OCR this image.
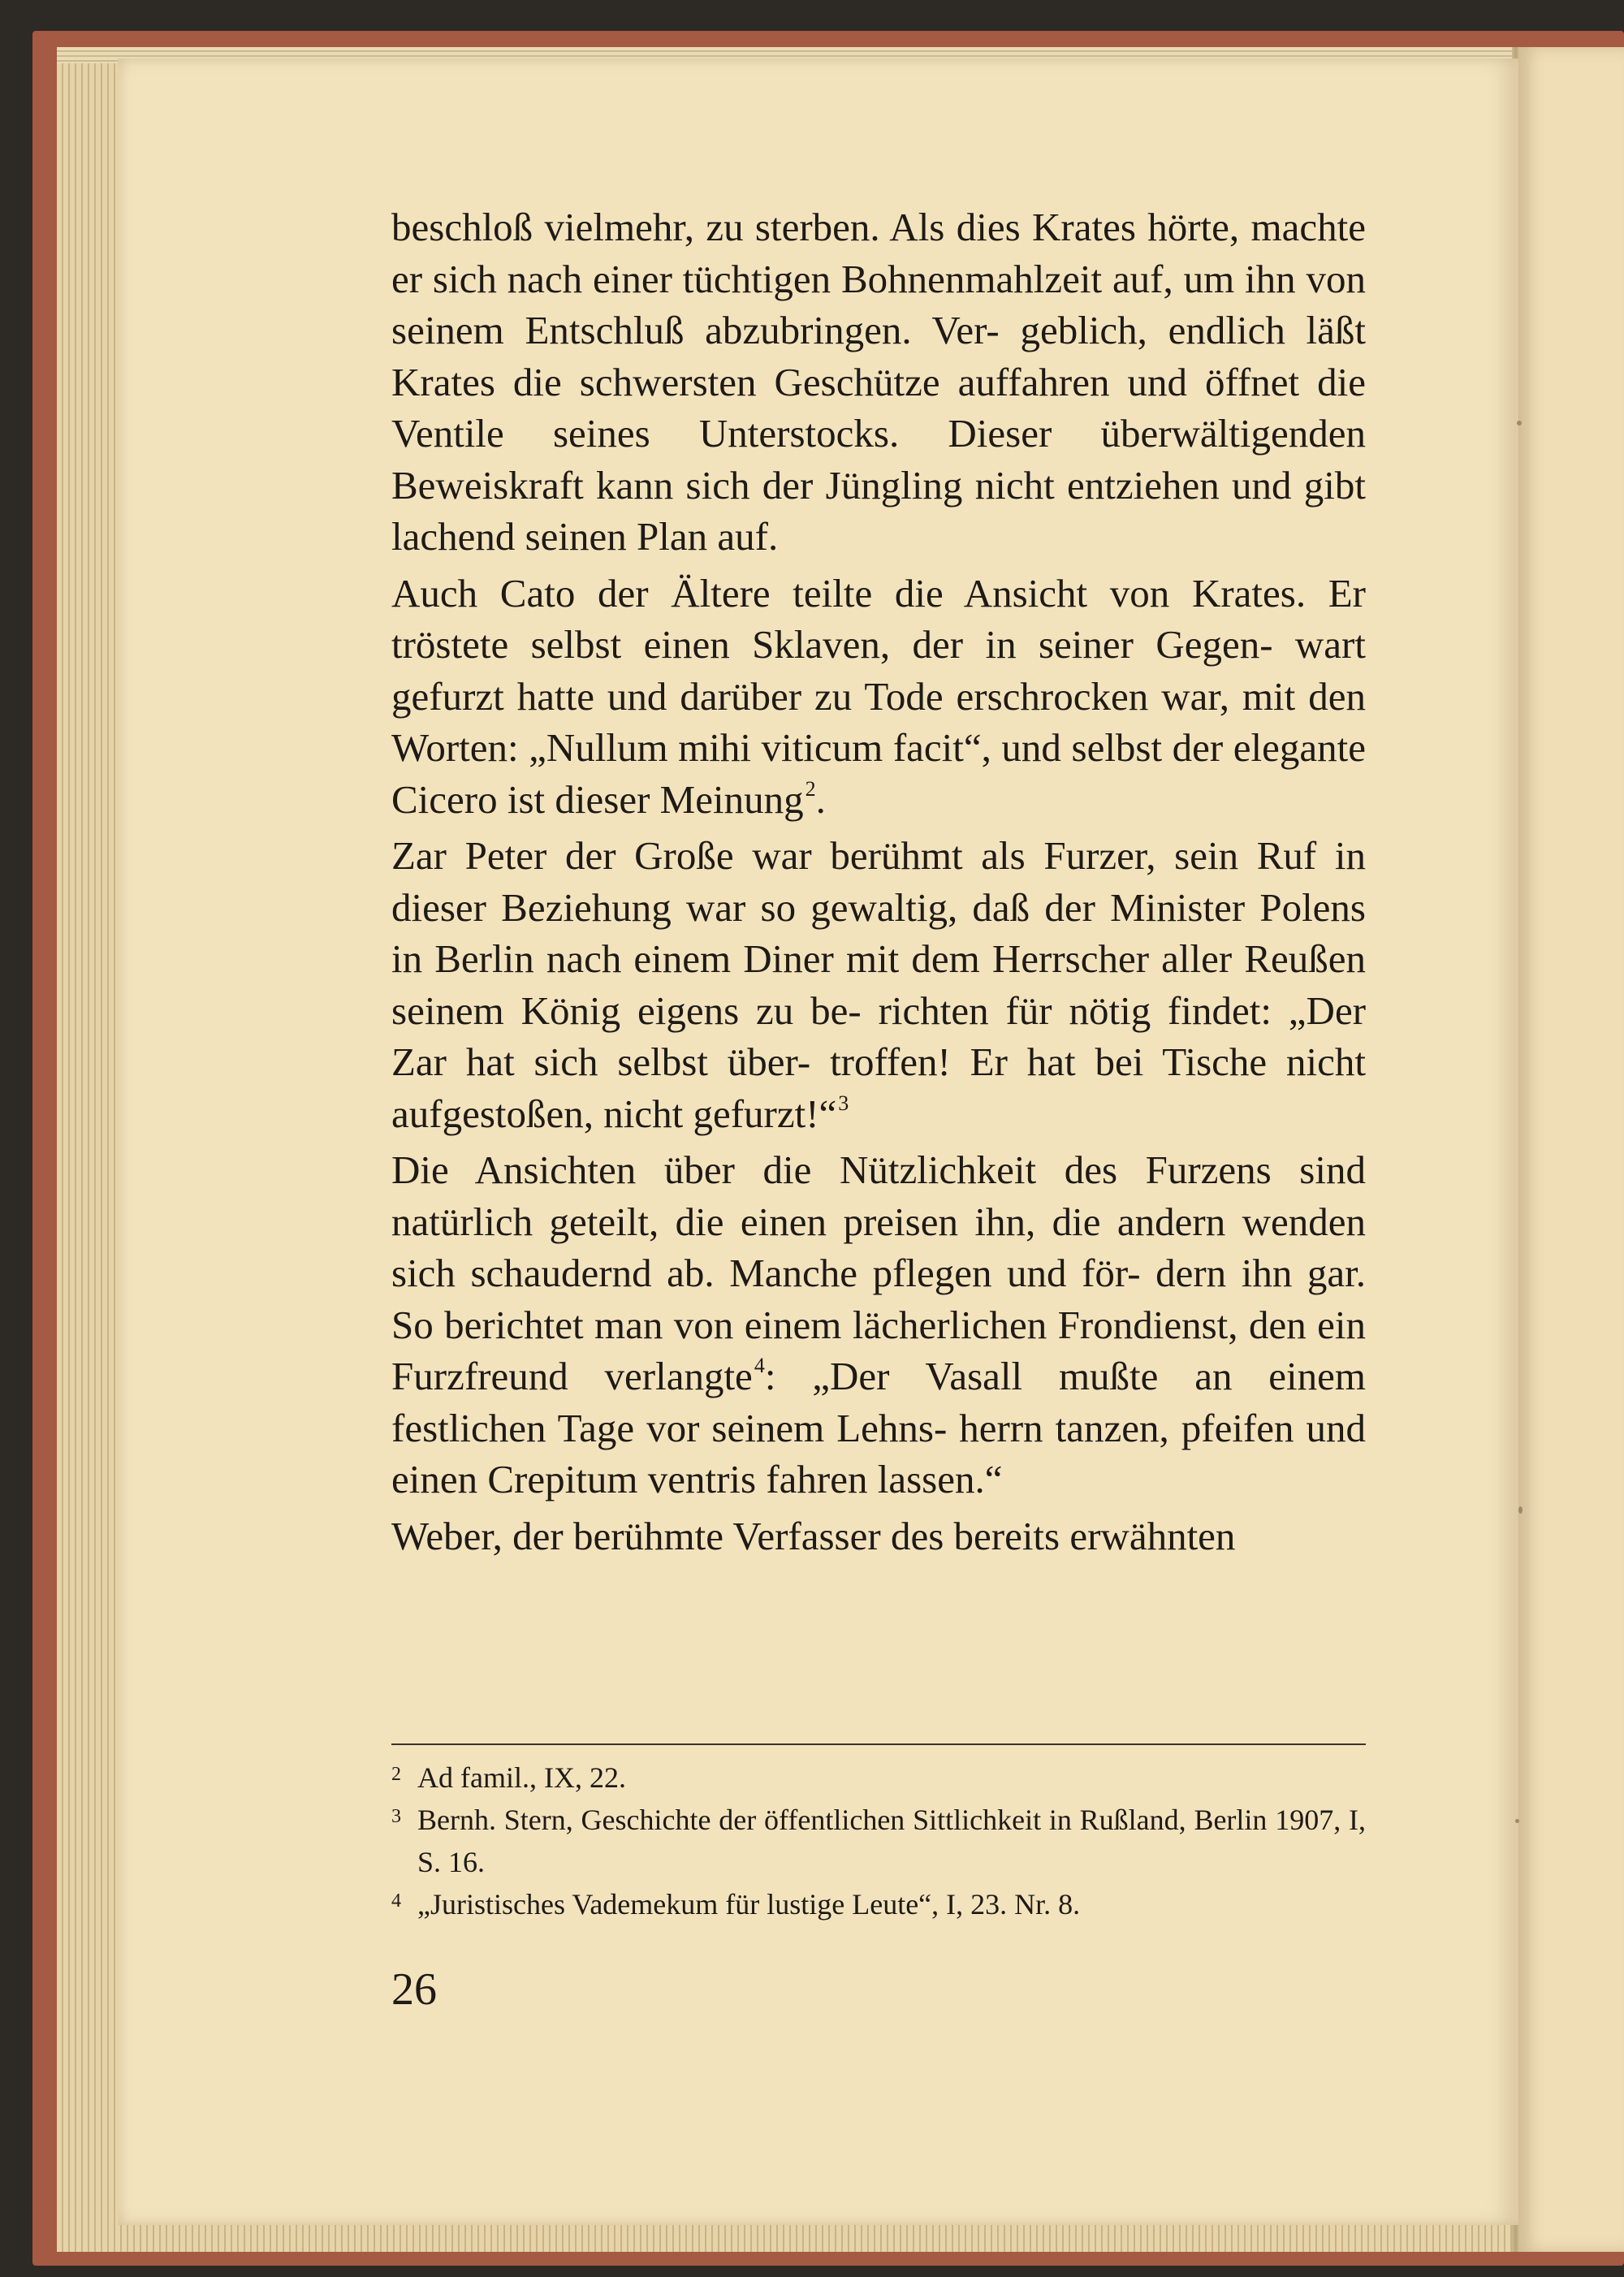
beschloß vielmehr, zu sterben. Als dies Krates hörte, machte er sich nach einer tüchtigen Bohnenmahlzeit auf, um ihn von seinem Entschluß abzubringen. Ver- geblich, endlich läßt Krates die schwersten Geschütze auffahren und öffnet die Ventile seines Unterstocks. Dieser überwältigenden Beweiskraft kann sich der Jüngling nicht entziehen und gibt lachend seinen Plan auf.

Auch Cato der Ältere teilte die Ansicht von Krates. Er tröstete selbst einen Sklaven, der in seiner Gegen- wart gefurzt hatte und darüber zu Tode erschrocken war, mit den Worten: „Nullum mihi viticum facit“, und selbst der elegante Cicero ist dieser Meinung$^2$.

Zar Peter der Große war berühmt als Furzer, sein Ruf in dieser Beziehung war so gewaltig, daß der Minister Polens in Berlin nach einem Diner mit dem Herrscher aller Reußen seinem König eigens zu be- richten für nötig findet: „Der Zar hat sich selbst über- troffen! Er hat bei Tische nicht aufgestoßen, nicht gefurzt!“$^3$

Die Ansichten über die Nützlichkeit des Furzens sind natürlich geteilt, die einen preisen ihn, die andern wenden sich schaudernd ab. Manche pflegen und för- dern ihn gar. So berichtet man von einem lächerlichen Frondienst, den ein Furzfreund verlangte$^4$: „Der Vasall mußte an einem festlichen Tage vor seinem Lehns- herrn tanzen, pfeifen und einen Crepitum ventris fahren lassen.“

Weber, der berühmte Verfasser des bereits erwähnten

2 Ad famil., IX, 22.

3 Bernh. Stern, Geschichte der öffentlichen Sittlichkeit in Rußland, Berlin 1907, I, S. 16.

4 „Juristisches Vademekum für lustige Leute“, I, 23. Nr. 8.

26
